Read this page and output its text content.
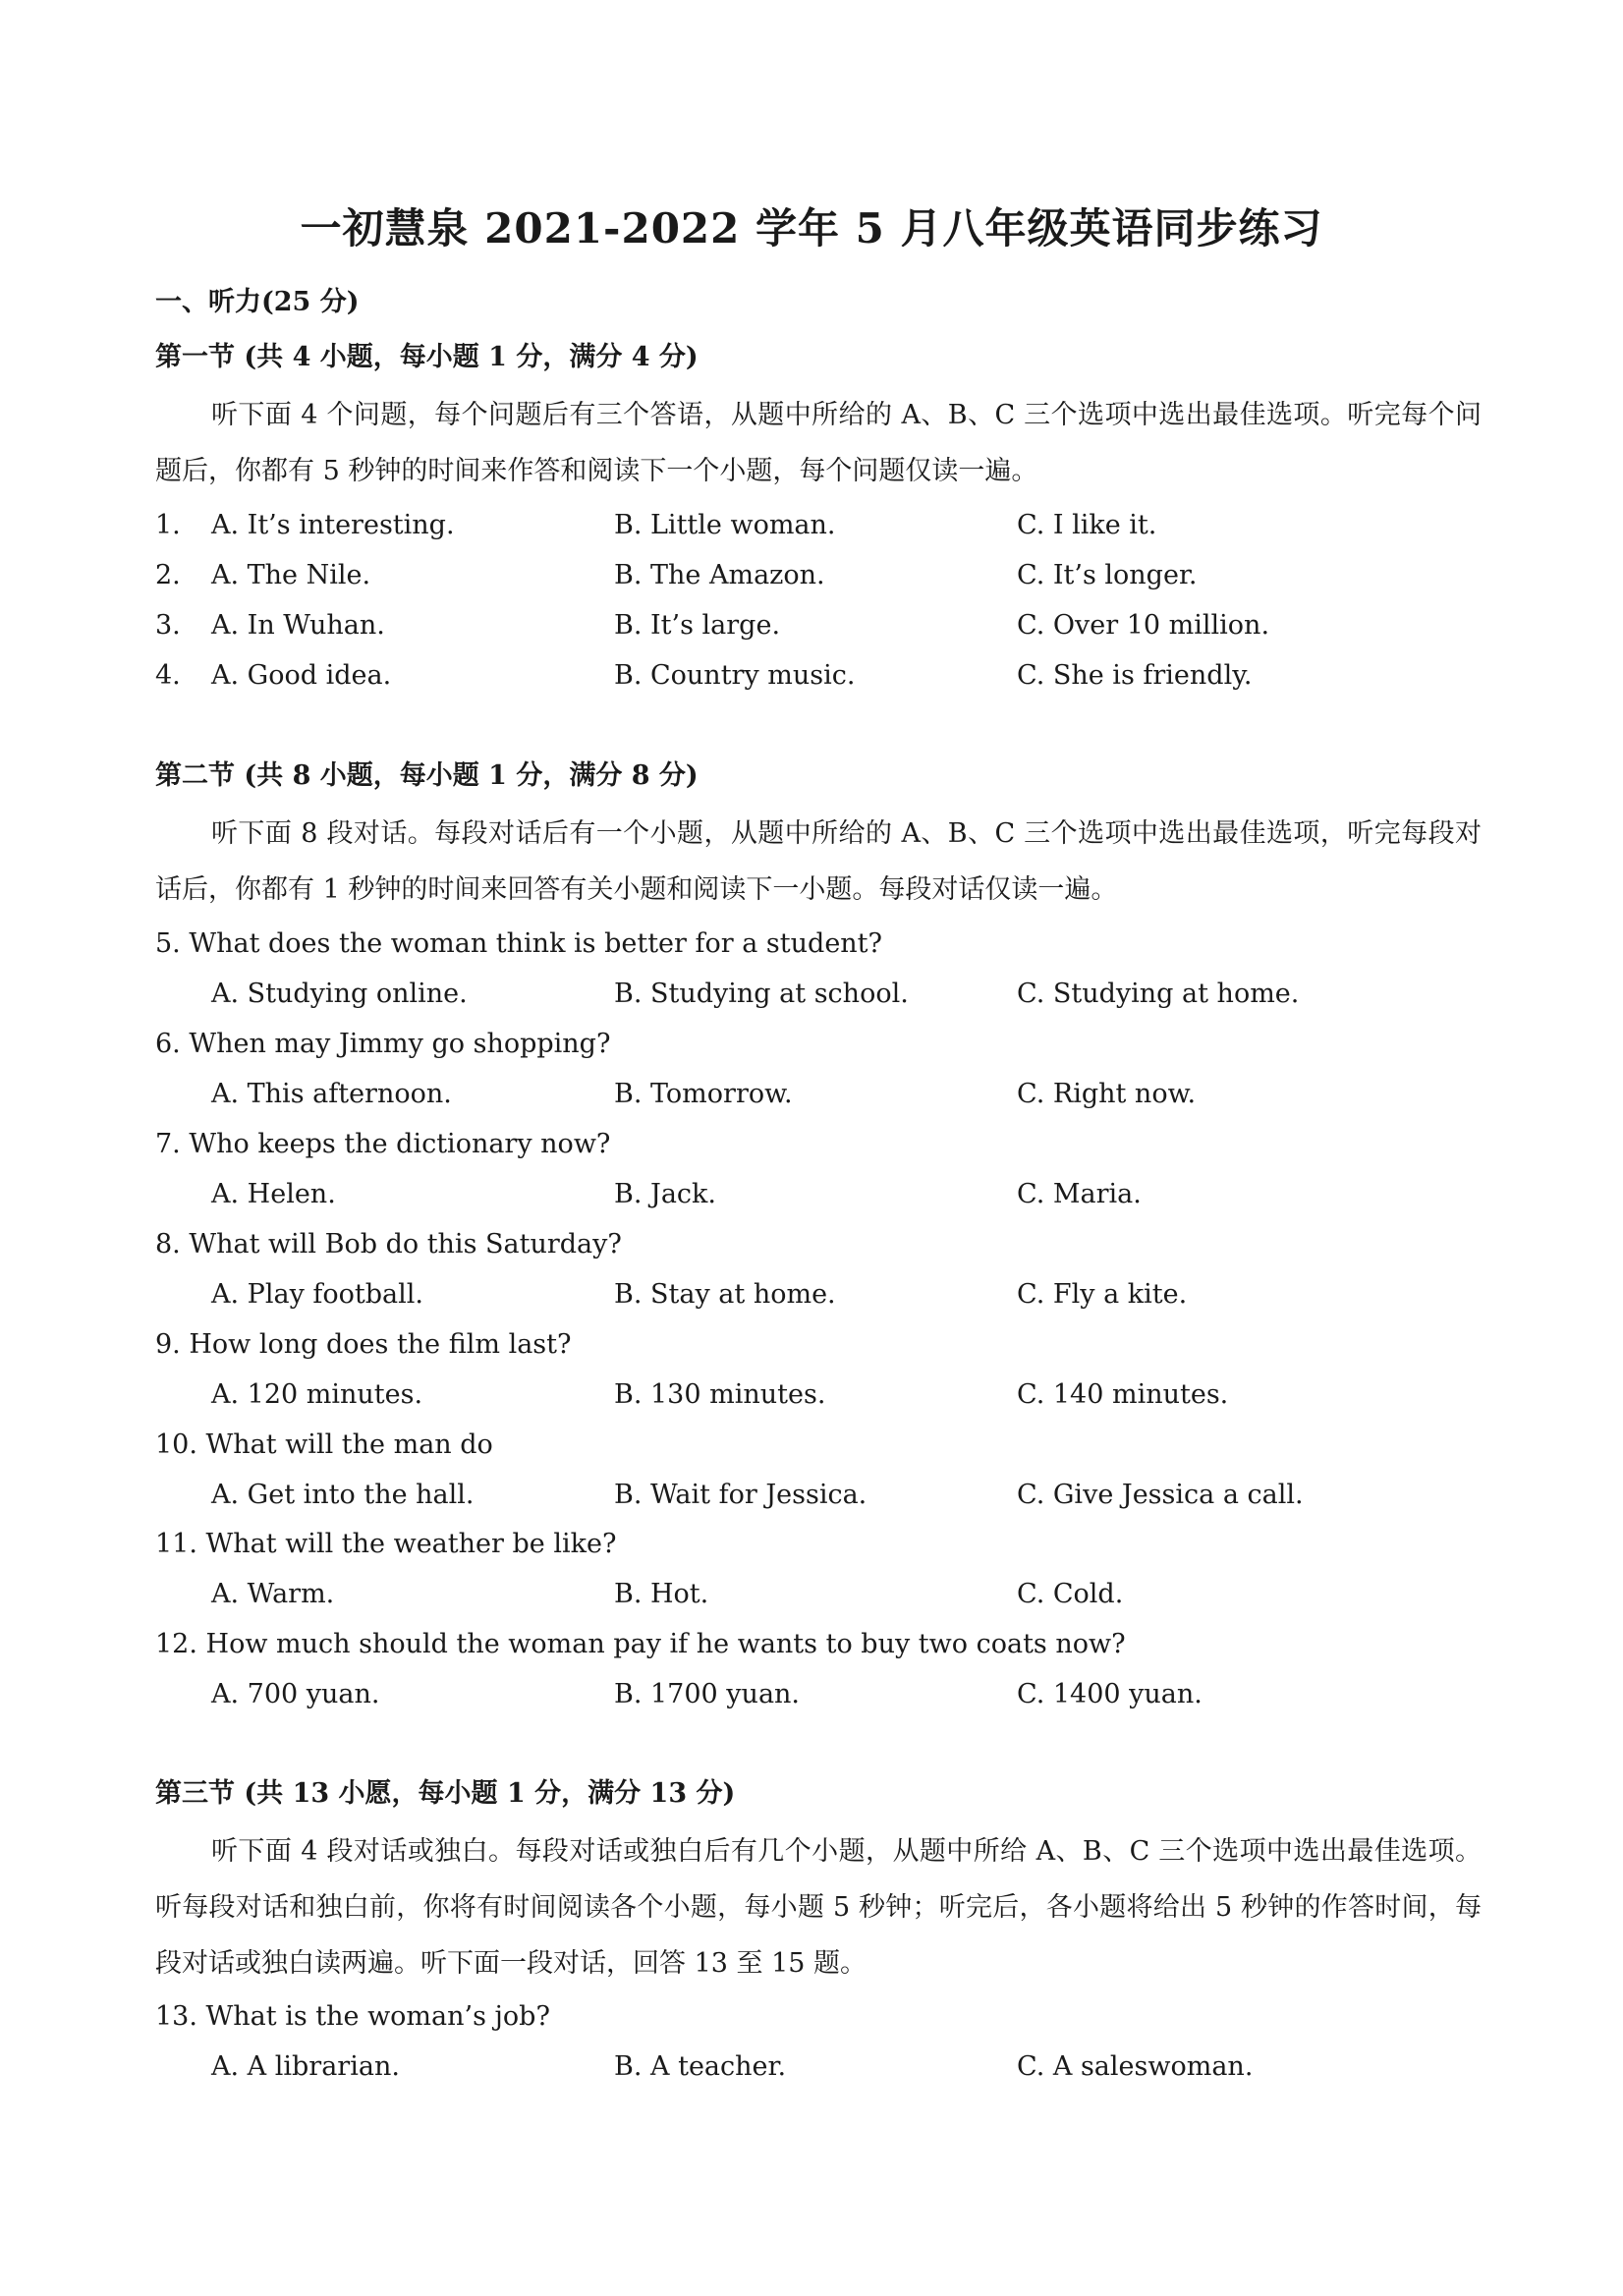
一初慧泉 2021-2022 学年 5 月八年级英语同步练习
一、听力(25 分)
第一节 (共 4 小题，每小题 1 分，满分 4 分)
听下面 4 个问题，每个问题后有三个答语，从题中所给的 A、B、C 三个选项中选出最佳选项。听完每个问题后，你都有 5 秒钟的时间来作答和阅读下一个小题，每个问题仅读一遍。
1. A. It’s interesting.	B. Little woman.	C. I like it.
2. A. The Nile.	B. The Amazon.	C. It’s longer.
3. A. In Wuhan.	B. It’s large.	C. Over 10 million.
4. A. Good idea.	B. Country music.	C. She is friendly.
第二节 (共 8 小题，每小题 1 分，满分 8 分)
听下面 8 段对话。每段对话后有一个小题，从题中所给的 A、B、C 三个选项中选出最佳选项，听完每段对话后，你都有 1 秒钟的时间来回答有关小题和阅读下一小题。每段对话仅读一遍。
5. What does the woman think is better for a student?
A. Studying online.	B. Studying at school.	C. Studying at home.
6. When may Jimmy go shopping?
A. This afternoon.	B. Tomorrow.	C. Right now.
7. Who keeps the dictionary now?
A. Helen.	B. Jack.	C. Maria.
8. What will Bob do this Saturday?
A. Play football.	B. Stay at home.	C. Fly a kite.
9. How long does the film last?
A. 120 minutes.	B. 130 minutes.	C. 140 minutes.
10. What will the man do
A. Get into the hall.	B. Wait for Jessica.	C. Give Jessica a call.
11. What will the weather be like?
A. Warm.	B. Hot.	C. Cold.
12. How much should the woman pay if he wants to buy two coats now?
A. 700 yuan.	B. 1700 yuan.	C. 1400 yuan.
第三节 (共 13 小愿，每小题 1 分，满分 13 分)
听下面 4 段对话或独白。每段对话或独白后有几个小题，从题中所给 A、B、C 三个选项中选出最佳选项。听每段对话和独白前，你将有时间阅读各个小题，每小题 5 秒钟；听完后，各小题将给出 5 秒钟的作答时间，每段对话或独白读两遍。听下面一段对话，回答 13 至 15 题。
13. What is the woman’s job?
A. A librarian.	B. A teacher.	C. A saleswoman.
